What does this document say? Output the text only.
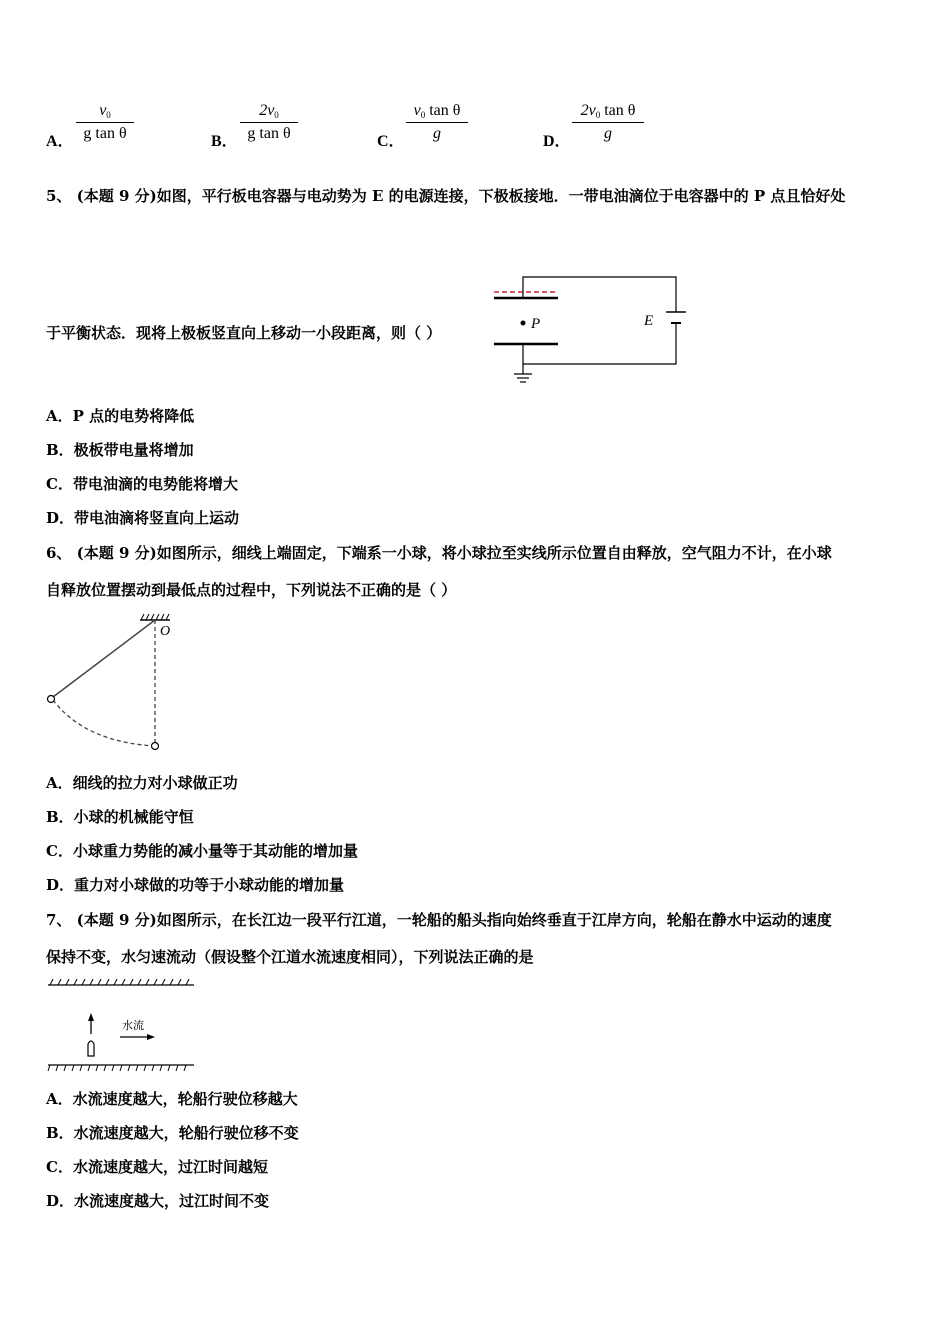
A．
$v_0$
g tan θ	B．
$2v_0$
g tan θ	C．
$v_0$ tan θ
g	D．
$2v_0$ tan θ
g
5、 (本题 9 分)如图，平行板电容器与电动势为 E 的电源连接，下极板接地．一带电油滴位于电容器中的 P 点且恰好处
于平衡状态．现将上极板竖直向上移动一小段距离，则（ ）	P	E
A．P 点的电势将降低
B．极板带电量将增加
C．带电油滴的电势能将增大
D．带电油滴将竖直向上运动
6、 (本题 9 分)如图所示，细线上端固定，下端系一小球，将小球拉至实线所示位置自由释放，空气阻力不计，在小球
自释放位置摆动到最低点的过程中，下列说法不正确的是（ ）
O
A．细线的拉力对小球做正功
B．小球的机械能守恒
C．小球重力势能的减小量等于其动能的增加量
D．重力对小球做的功等于小球动能的增加量
7、 (本题 9 分)如图所示，在长江边一段平行江道，一轮船的船头指向始终垂直于江岸方向，轮船在静水中运动的速度
保持不变，水匀速流动（假设整个江道水流速度相同），下列说法正确的是
水流
A．水流速度越大，轮船行驶位移越大
B．水流速度越大，轮船行驶位移不变
C．水流速度越大，过江时间越短
D．水流速度越大，过江时间不变
